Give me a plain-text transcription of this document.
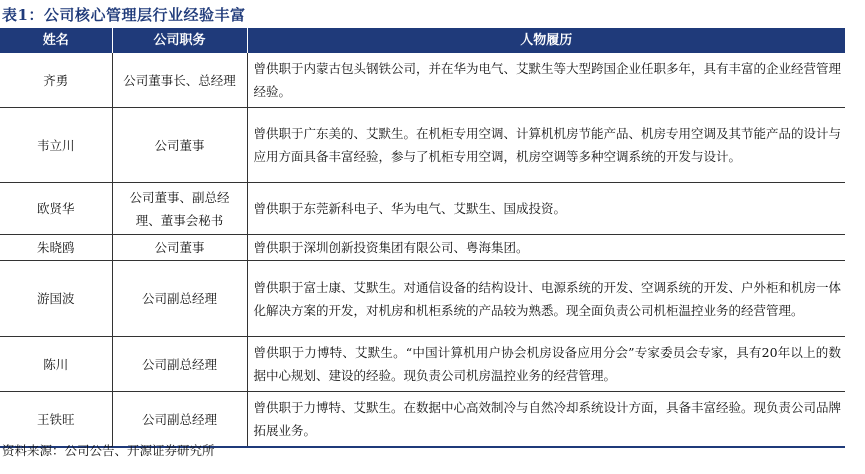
表1：公司核心管理层行业经验丰富
姓名	公司职务	人物履历
齐勇	公司董事长、总经理	曾供职于内蒙古包头钢铁公司，并在华为电气、艾默生等大型跨国企业任职多年，具有丰富的企业经营管理经验。
韦立川	公司董事	曾供职于广东美的、艾默生。在机柜专用空调、计算机机房节能产品、机房专用空调及其节能产品的设计与应用方面具备丰富经验，参与了机柜专用空调，机房空调等多种空调系统的开发与设计。
欧贤华	公司董事、副总经理、董事会秘书	曾供职于东莞新科电子、华为电气、艾默生、国成投资。
朱晓鸥	公司董事	曾供职于深圳创新投资集团有限公司、粤海集团。
游国波	公司副总经理	曾供职于富士康、艾默生。对通信设备的结构设计、电源系统的开发、空调系统的开发、户外柜和机房一体化解决方案的开发，对机房和机柜系统的产品较为熟悉。现全面负责公司机柜温控业务的经营管理。
陈川	公司副总经理	曾供职于力博特、艾默生。“中国计算机用户协会机房设备应用分会”专家委员会专家，具有20年以上的数据中心规划、建设的经验。现负责公司机房温控业务的经营管理。
王铁旺	公司副总经理	曾供职于力博特、艾默生。在数据中心高效制冷与自然冷却系统设计方面，具备丰富经验。现负责公司品牌拓展业务。
资料来源：公司公告、开源证券研究所
